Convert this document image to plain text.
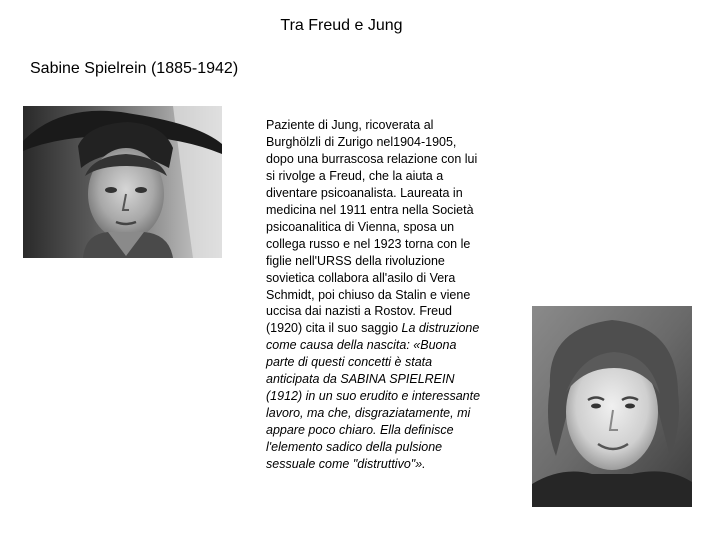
Tra Freud e Jung
Sabine Spielrein (1885-1942)

Paziente di Jung, ricoverata al Burghölzli di Zurigo nel1904-1905, dopo una burrascosa relazione con lui si rivolge a Freud, che la aiuta a diventare psicoanalista. Laureata in medicina nel 1911 entra nella Società psicoanalitica di Vienna, sposa un collega russo e nel 1923 torna con le figlie nell'URSS della rivoluzione sovietica collabora all'asilo di Vera Schmidt, poi chiuso da Stalin e viene uccisa dai nazisti a Rostov. Freud (1920) cita il suo saggio La distruzione come causa della nascita: «Buona parte di questi concetti è stata anticipata da SABINA SPIELREIN (1912) in un suo erudito e interessante lavoro, ma che, disgraziatamente, mi appare poco chiaro. Ella definisce l'elemento sadico della pulsione sessuale come "distruttivo"».
